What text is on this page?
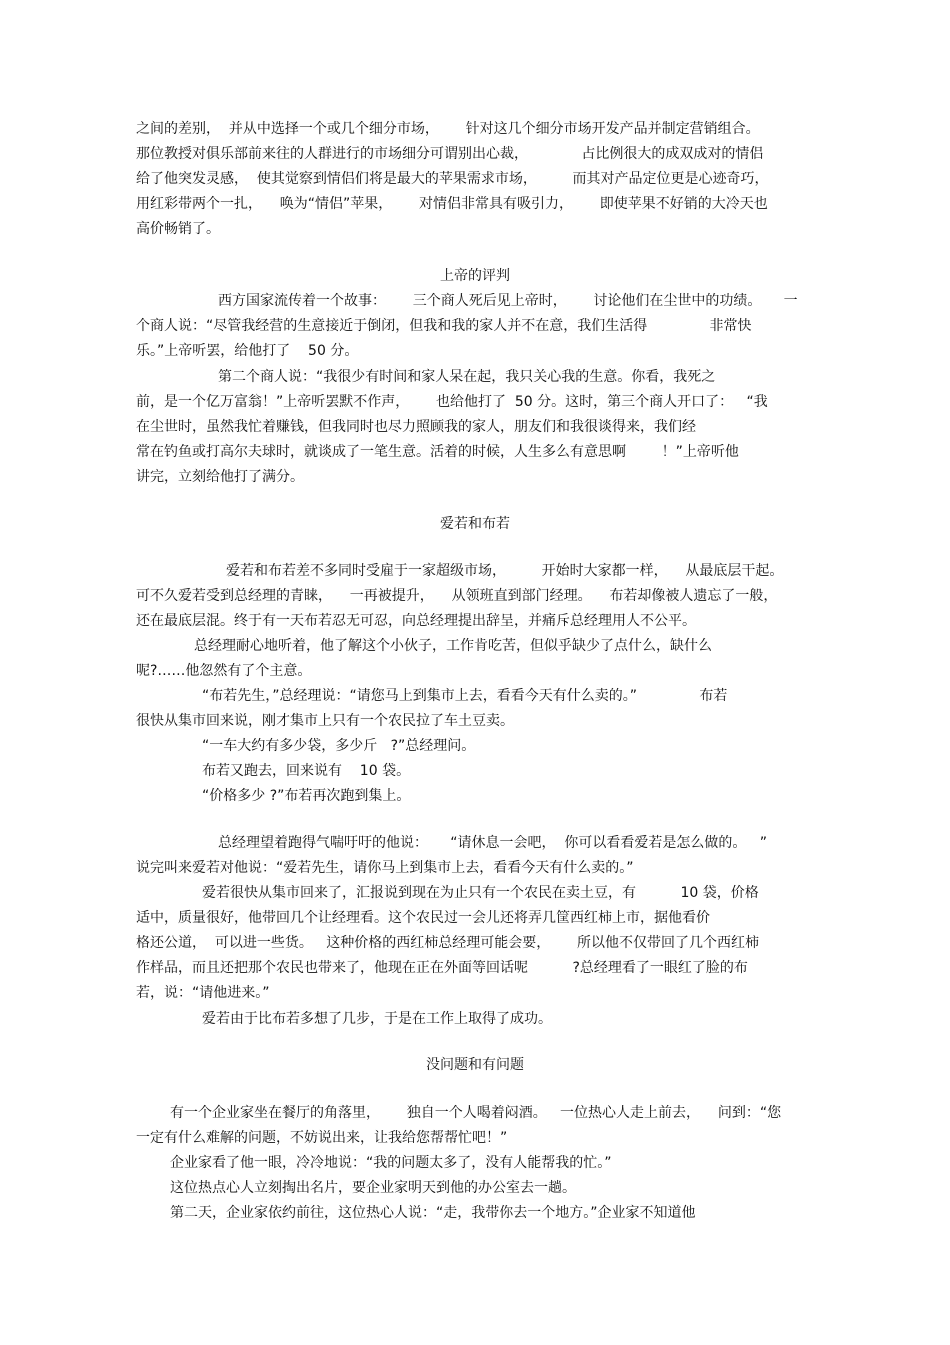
之间的差别，  并从中选择一个或几个细分市场，      针对这几个细分市场开发产品并制定营销组合。
那位教授对俱乐部前来往的人群进行的市场细分可谓别出心裁，            占比例很大的成双成对的情侣
给了他突发灵感，  使其觉察到情侣们将是最大的苹果需求市场，        而其对产品定位更是心迹奇巧，
用红彩带两个一扎，    唤为“情侣”苹果，      对情侣非常具有吸引力，      即使苹果不好销的大冷天也
高价畅销了。
上帝的评判
西方国家流传着一个故事：      三个商人死后见上帝时，      讨论他们在尘世中的功绩。     一
个商人说：“尽管我经营的生意接近于倒闭，但我和我的家人并不在意，我们生活得              非常快
乐。”上帝听罢，给他打了    50 分。
第二个商人说：“我很少有时间和家人呆在起，我只关心我的生意。你看，我死之
前，是一个亿万富翁！”上帝听罢默不作声，      也给他打了  50 分。这时，第三个商人开口了：   “我
在尘世时，虽然我忙着赚钱，但我同时也尽力照顾我的家人，朋友们和我很谈得来，我们经
常在钓鱼或打高尔夫球时，就谈成了一笔生意。活着的时候，人生多么有意思啊        ！”上帝听他
讲完，立刻给他打了满分。
爱若和布若
爱若和布若差不多同时受雇于一家超级市场，        开始时大家都一样，    从最底层干起。
可不久爱若受到总经理的青睐，    一再被提升，    从领班直到部门经理。    布若却像被人遗忘了一般，
还在最底层混。终于有一天布若忍无可忍，向总经理提出辞呈，并痛斥总经理用人不公平。
总经理耐心地听着，他了解这个小伙子，工作肯吃苦，但似乎缺少了点什么，缺什么
呢?……他忽然有了个主意。
“布若先生，”总经理说：“请您马上到集市上去，看看今天有什么卖的。”              布若
很快从集市回来说，刚才集市上只有一个农民拉了车土豆卖。
“一车大约有多少袋，多少斤   ?”总经理问。
布若又跑去，回来说有    10 袋。
“价格多少 ?”布若再次跑到集上。
总经理望着跑得气喘吁吁的他说：     “请休息一会吧，  你可以看看爱若是怎么做的。   ”
说完叫来爱若对他说：“爱若先生，请你马上到集市上去，看看今天有什么卖的。”
爱若很快从集市回来了，汇报说到现在为止只有一个农民在卖土豆，有          10 袋，价格
适中，质量很好，他带回几个让经理看。这个农民过一会儿还将弄几筐西红柿上市，据他看价
格还公道，  可以进一些货。   这种价格的西红柿总经理可能会要，      所以他不仅带回了几个西红柿
作样品，而且还把那个农民也带来了，他现在正在外面等回话呢          ?总经理看了一眼红了脸的布
若，说：“请他进来。”
爱若由于比布若多想了几步，于是在工作上取得了成功。
没问题和有问题
有一个企业家坐在餐厅的角落里，      独自一个人喝着闷酒。   一位热心人走上前去，    问到：“您
一定有什么难解的问题，不妨说出来，让我给您帮帮忙吧！”
企业家看了他一眼，冷冷地说：“我的问题太多了，没有人能帮我的忙。”
这位热点心人立刻掏出名片，要企业家明天到他的办公室去一趟。
第二天，企业家依约前往，这位热心人说：“走，我带你去一个地方。”企业家不知道他
